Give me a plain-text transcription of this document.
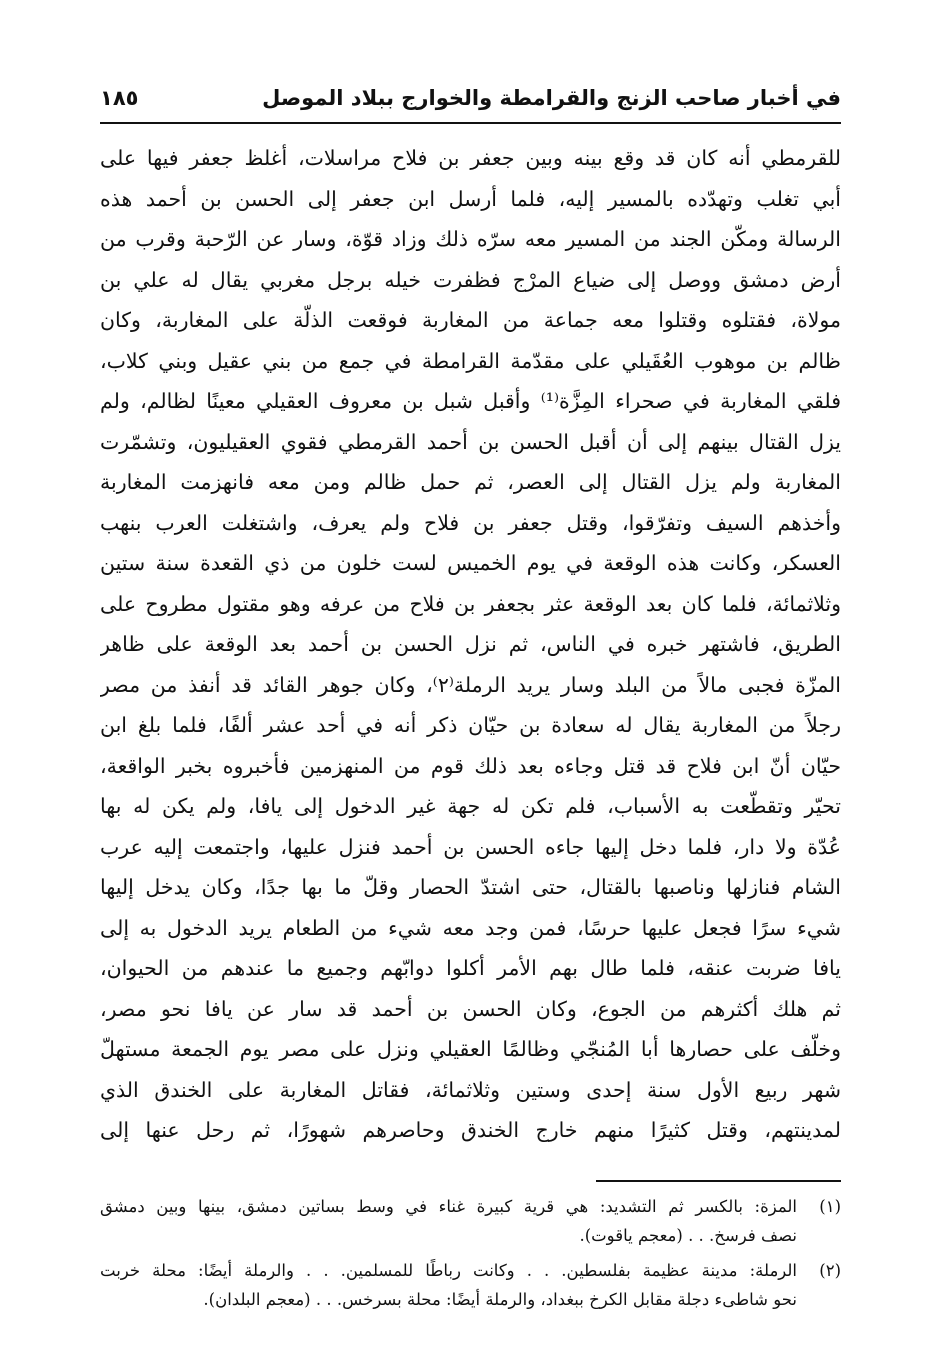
في أخبار صاحب الزنج والقرامطة والخوارج ببلاد الموصل
١٨٥
للقرمطي أنه كان قد وقع بينه وبين جعفر بن فلاح مراسلات، أغلظ جعفر فيها على
أبي تغلب وتهدّده بالمسير إليه، فلما أرسل ابن جعفر إلى الحسن بن أحمد هذه
الرسالة ومكّن الجند من المسير معه سرّه ذلك وزاد قوّة، وسار عن الرّحبة وقرب من
أرض دمشق ووصل إلى ضياع المرْج فظفرت خيله برجل مغربي يقال له علي بن
مولاة، فقتلوه وقتلوا معه جماعة من المغاربة فوقعت الذلّة على المغاربة، وكان
ظالم بن موهوب العُقَيلي على مقدّمة القرامطة في جمع من بني عقيل وبني كلاب،
فلقي المغاربة في صحراء المِزَّة⁽¹⁾ وأقبل شبل بن معروف العقيلي معينًا لظالم، ولم
يزل القتال بينهم إلى أن أقبل الحسن بن أحمد القرمطي فقوي العقيليون، وتشمّرت
المغاربة ولم يزل القتال إلى العصر، ثم حمل ظالم ومن معه فانهزمت المغاربة
وأخذهم السيف وتفرّقوا، وقتل جعفر بن فلاح ولم يعرف، واشتغلت العرب بنهب
العسكر، وكانت هذه الوقعة في يوم الخميس لست خلون من ذي القعدة سنة ستين
وثلاثمائة، فلما كان بعد الوقعة عثر بجعفر بن فلاح من عرفه وهو مقتول مطروح على
الطريق، فاشتهر خبره في الناس، ثم نزل الحسن بن أحمد بعد الوقعة على ظاهر
المزّة فجبى مالاً من البلد وسار يريد الرملة⁽٢⁾، وكان جوهر القائد قد أنفذ من مصر
رجلاً من المغاربة يقال له سعادة بن حيّان ذكر أنه في أحد عشر ألفًا، فلما بلغ ابن
حيّان أنّ ابن فلاح قد قتل وجاءه بعد ذلك قوم من المنهزمين فأخبروه بخبر الواقعة،
تحيّر وتقطّعت به الأسباب، فلم تكن له جهة غير الدخول إلى يافا، ولم يكن له بها
عُدّة ولا دار، فلما دخل إليها جاءه الحسن بن أحمد فنزل عليها، واجتمعت إليه عرب
الشام فنازلها وناصبها بالقتال، حتى اشتدّ الحصار وقلّ ما بها جدًا، وكان يدخل إليها
شيء سرًا فجعل عليها حرسًا، فمن وجد معه شيء من الطعام يريد الدخول به إلى
يافا ضربت عنقه، فلما طال بهم الأمر أكلوا دوابّهم وجميع ما عندهم من الحيوان،
ثم هلك أكثرهم من الجوع، وكان الحسن بن أحمد قد سار عن يافا نحو مصر،
وخلّف على حصارها أبا المُنجّي وظالمًا العقيلي ونزل على مصر يوم الجمعة مستهلّ
شهر ربيع الأول سنة إحدى وستين وثلاثمائة، فقاتل المغاربة على الخندق الذي
لمدينتهم، وقتل كثيرًا منهم خارج الخندق وحاصرهم شهورًا، ثم رحل عنها إلى
(١)
المزة: بالكسر ثم التشديد: هي قرية كبيرة غناء في وسط بساتين دمشق، بينها وبين دمشق
نصف فرسخ. . . (معجم ياقوت).
(٢)
الرملة: مدينة عظيمة بفلسطين. . . وكانت رباطًا للمسلمين. . . والرملة أيضًا: محلة خربت
نحو شاطىء دجلة مقابل الكرخ ببغداد، والرملة أيضًا: محلة بسرخس. . . (معجم البلدان).
